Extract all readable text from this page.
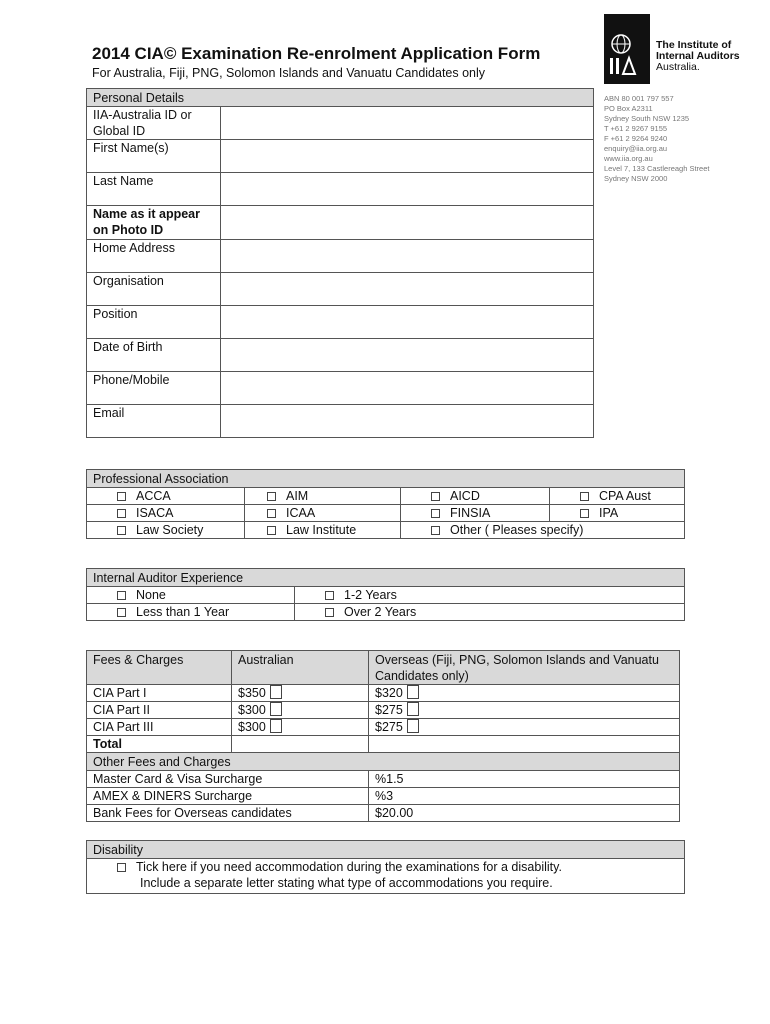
2014 CIA© Examination Re-enrolment Application Form
For Australia, Fiji, PNG, Solomon Islands and Vanuatu Candidates only
The Institute of
Internal Auditors
Australia.
ABN 80 001 797 557
PO Box A2311
Sydney South NSW 1235
T +61 2 9267 9155
F +61 2 9264 9240
enquiry@iia.org.au
www.iia.org.au
Level 7, 133 Castlereagh Street
Sydney NSW 2000
Personal Details	
IIA-Australia ID or
Global ID	
First Name(s)	
Last Name	
Name as it appear
on Photo ID	
Home Address	
Organisation	
Position	
Date of Birth	
Phone/Mobile	
Email	
Professional Association			
ACCA	AIM	AICD	CPA Aust
ISACA	ICAA	FINSIA	IPA
Law Society	Law Institute	Other ( Pleases specify)	
Internal Auditor Experience	
None	1-2 Years
Less than 1 Year	Over 2 Years
Fees & Charges	Australian	Overseas (Fiji, PNG, Solomon Islands and Vanuatu
Candidates only)
CIA Part I	$350	$320
CIA Part II	$300	$275
CIA Part III	$300	$275
Total		
Other Fees and Charges		
Master Card & Visa Surcharge		%1.5
AMEX & DINERS Surcharge		%3
Bank Fees for Overseas candidates		$20.00
Disability
Tick here if you need accommodation during the examinations for a disability.
Include a separate letter stating what type of accommodations you require.
